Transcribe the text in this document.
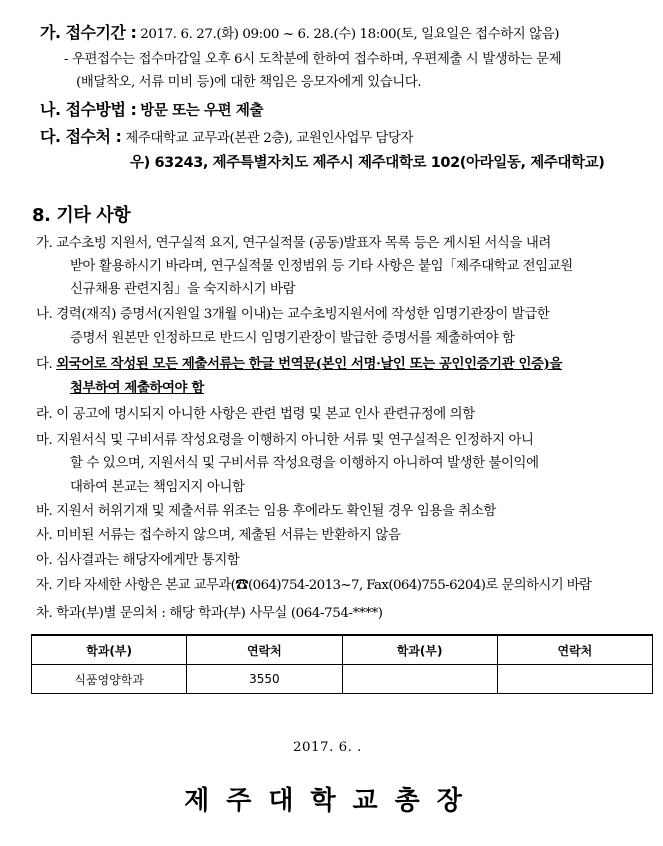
가. 접수기간 : 2017. 6. 27.(화) 09:00 ~ 6. 28.(수) 18:00(토, 일요일은 접수하지 않음)
- 우편접수는 접수마감일 오후 6시 도착분에 한하여 접수하며, 우편제출 시 발생하는 문제
(배달착오, 서류 미비 등)에 대한 책임은 응모자에게 있습니다.
나. 접수방법 : 방문 또는 우편 제출
다. 접수처 : 제주대학교 교무과(본관 2층), 교원인사업무 담당자
우) 63243, 제주특별자치도 제주시 제주대학로 102(아라일동, 제주대학교)
8. 기타 사항
가. 교수초빙 지원서, 연구실적 요지, 연구실적물 (공동)발표자 목록 등은 게시된 서식을 내려
받아 활용하시기 바라며, 연구실적물 인정범위 등 기타 사항은 붙임「제주대학교 전임교원
신규채용 관련지침」을 숙지하시기 바람
나. 경력(재직) 증명서(지원일 3개월 이내)는 교수초빙지원서에 작성한 임명기관장이 발급한
증명서 원본만 인정하므로 반드시 임명기관장이 발급한 증명서를 제출하여야 함
다. 외국어로 작성된 모든 제출서류는 한글 번역문(본인 서명·날인 또는 공인인증기관 인증)을
첨부하여 제출하여야 함
라. 이 공고에 명시되지 아니한 사항은 관련 법령 및 본교 인사 관련규정에 의함
마. 지원서식 및 구비서류 작성요령을 이행하지 아니한 서류 및 연구실적은 인정하지 아니
할 수 있으며, 지원서식 및 구비서류 작성요령을 이행하지 아니하여 발생한 불이익에
대하여 본교는 책임지지 아니함
바. 지원서 허위기재 및 제출서류 위조는 임용 후에라도 확인될 경우 임용을 취소함
사. 미비된 서류는 접수하지 않으며, 제출된 서류는 반환하지 않음
아. 심사결과는 해당자에게만 통지함
자. 기타 자세한 사항은 본교 교무과(☎(064)754-2013~7, Fax(064)755-6204)로 문의하시기 바람
차. 학과(부)별 문의처 : 해당 학과(부) 사무실 (064-754-****)
학과(부)	연락처	학과(부)	연락처
식품영양학과	3550		
2017. 6. .
제주대학교총장
